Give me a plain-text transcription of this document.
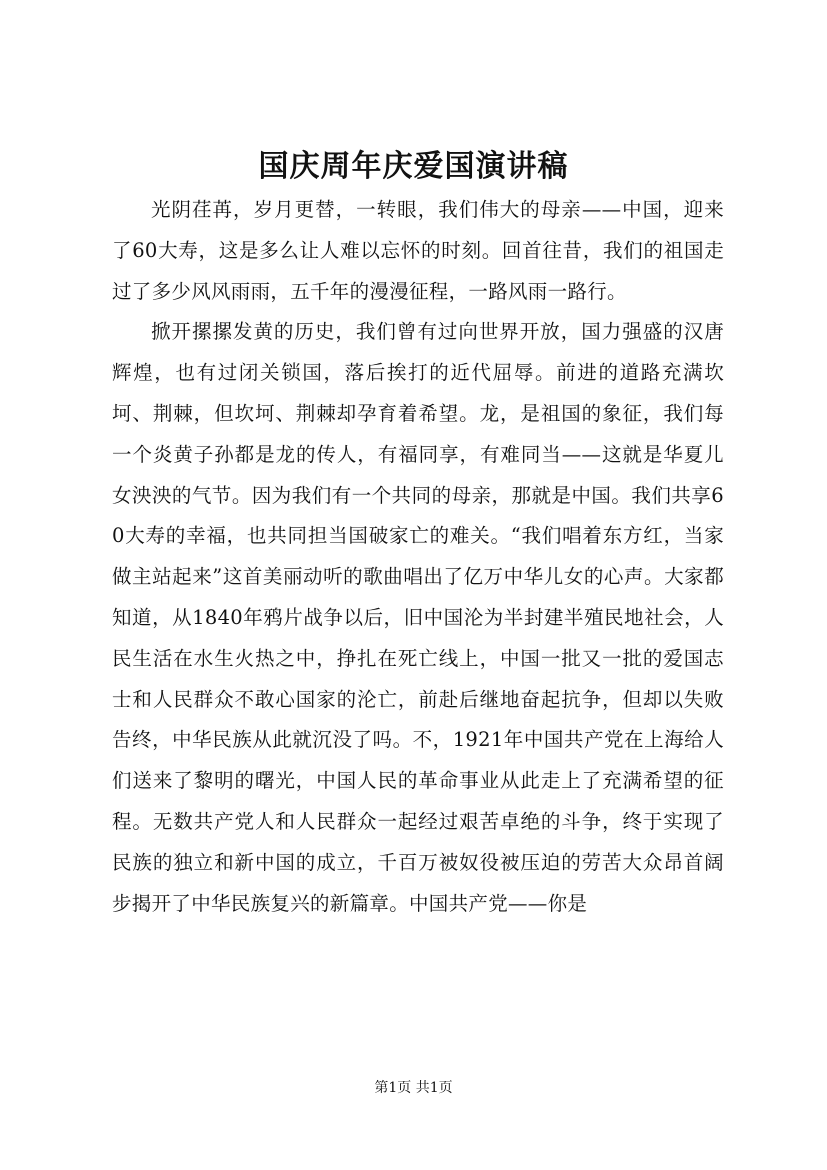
国庆周年庆爱国演讲稿

光阴荏苒，岁月更替，一转眼，我们伟大的母亲——中国，迎来了60大寿，这是多么让人难以忘怀的时刻。回首往昔，我们的祖国走过了多少风风雨雨，五千年的漫漫征程，一路风雨一路行。

掀开摞摞发黄的历史，我们曾有过向世界开放，国力强盛的汉唐辉煌，也有过闭关锁国，落后挨打的近代屈辱。前进的道路充满坎坷、荆棘，但坎坷、荆棘却孕育着希望。龙，是祖国的象征，我们每一个炎黄子孙都是龙的传人，有福同享，有难同当——这就是华夏儿女泱泱的气节。因为我们有一个共同的母亲，那就是中国。我们共享60大寿的幸福，也共同担当国破家亡的难关。“我们唱着东方红，当家做主站起来”这首美丽动听的歌曲唱出了亿万中华儿女的心声。大家都知道，从1840年鸦片战争以后，旧中国沦为半封建半殖民地社会，人民生活在水生火热之中，挣扎在死亡线上，中国一批又一批的爱国志士和人民群众不敢心国家的沦亡，前赴后继地奋起抗争，但却以失败告终，中华民族从此就沉没了吗。不，1921年中国共产党在上海给人们送来了黎明的曙光，中国人民的革命事业从此走上了充满希望的征程。无数共产党人和人民群众一起经过艰苦卓绝的斗争，终于实现了民族的独立和新中国的成立，千百万被奴役被压迫的劳苦大众昂首阔步揭开了中华民族复兴的新篇章。中国共产党——你是

第1页 共1页
